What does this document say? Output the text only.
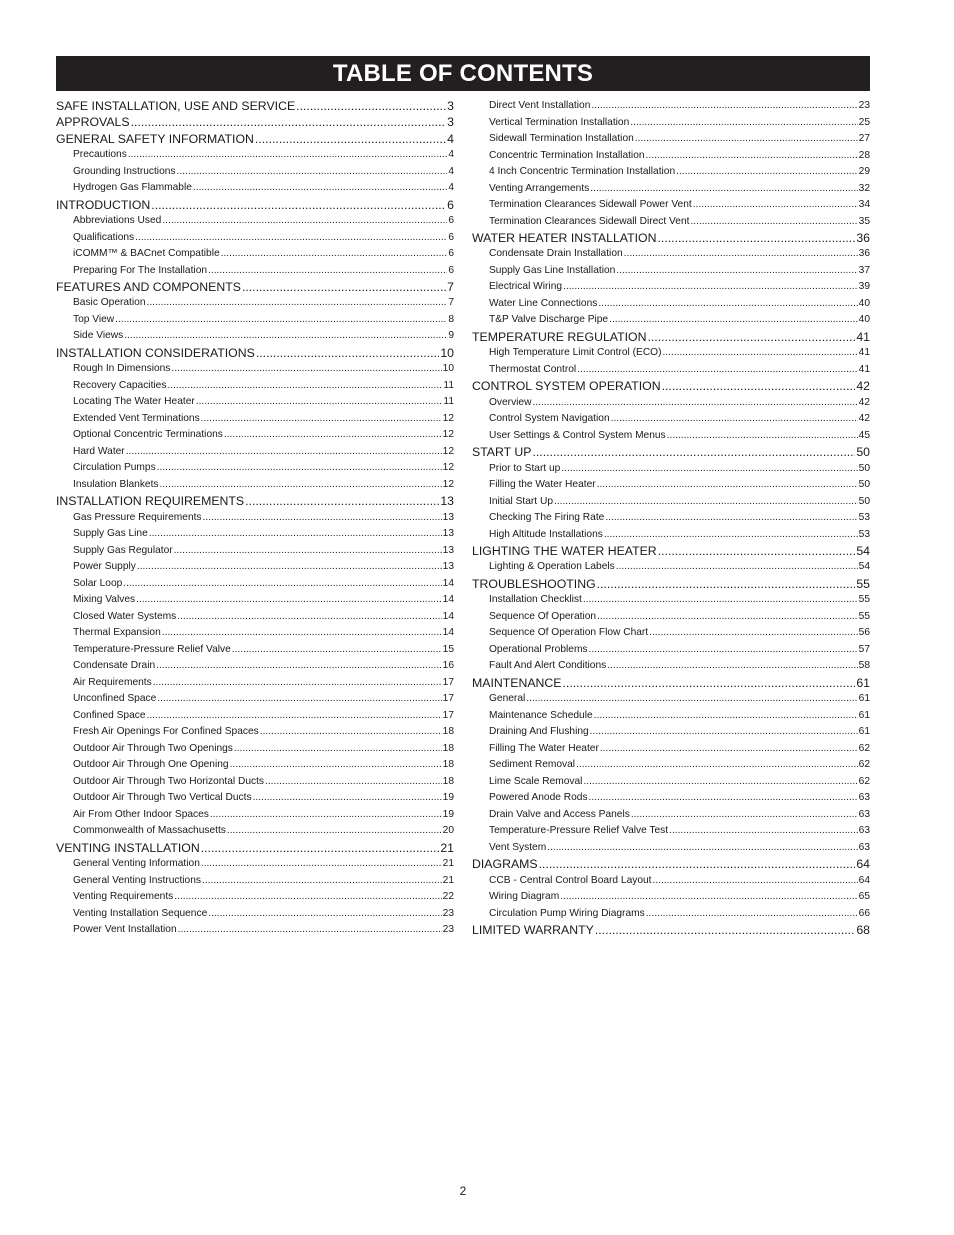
TABLE OF CONTENTS
SAFE INSTALLATION, USE AND SERVICE .....	3
APPROVALS .....	3
GENERAL SAFETY INFORMATION .....	4
Precautions .....	4
Grounding Instructions .....	4
Hydrogen Gas Flammable .....	4
INTRODUCTION .....	6
Abbreviations Used .....	6
Qualifications .....	6
iCOMM™ & BACnet Compatible .....	6
Preparing For The Installation .....	6
FEATURES AND COMPONENTS .....	7
Basic Operation .....	7
Top View .....	8
Side Views .....	9
INSTALLATION CONSIDERATIONS .....	10
Rough In Dimensions .....	10
Recovery Capacities .....	11
Locating The Water Heater .....	11
Extended Vent Terminations .....	12
Optional Concentric Terminations .....	12
Hard Water .....	12
Circulation Pumps .....	12
Insulation Blankets .....	12
INSTALLATION REQUIREMENTS .....	13
Gas Pressure Requirements .....	13
Supply Gas Line .....	13
Supply Gas Regulator .....	13
Power Supply .....	13
Solar Loop .....	14
Mixing Valves .....	14
Closed Water Systems .....	14
Thermal Expansion .....	14
Temperature-Pressure Relief Valve .....	15
Condensate Drain .....	16
Air Requirements .....	17
Unconfined Space .....	17
Confined Space .....	17
Fresh Air Openings For Confined Spaces .....	18
Outdoor Air Through Two Openings .....	18
Outdoor Air Through One Opening .....	18
Outdoor Air Through Two Horizontal Ducts .....	18
Outdoor Air Through Two Vertical Ducts .....	19
Air From Other Indoor Spaces .....	19
Commonwealth of Massachusetts .....	20
VENTING INSTALLATION .....	21
General Venting Information .....	21
General Venting Instructions .....	21
Venting Requirements .....	22
Venting Installation Sequence .....	23
Power Vent Installation .....	23
Direct Vent Installation .....	23
Vertical Termination Installation .....	25
Sidewall Termination Installation .....	27
Concentric Termination Installation .....	28
4 Inch Concentric Termination Installation .....	29
Venting Arrangements .....	32
Termination Clearances Sidewall Power Vent .....	34
Termination Clearances Sidewall Direct Vent .....	35
WATER HEATER INSTALLATION .....	36
Condensate Drain Installation .....	36
Supply Gas Line Installation .....	37
Electrical Wiring .....	39
Water Line Connections .....	40
T&P Valve Discharge Pipe .....	40
TEMPERATURE REGULATION .....	41
High Temperature Limit Control (ECO) .....	41
Thermostat Control .....	41
CONTROL SYSTEM OPERATION .....	42
Overview .....	42
Control System Navigation .....	42
User Settings & Control System Menus .....	45
START UP .....	50
Prior to Start up .....	50
Filling the Water Heater .....	50
Initial Start Up .....	50
Checking The Firing Rate .....	53
High Altitude Installations .....	53
LIGHTING THE WATER HEATER .....	54
Lighting & Operation Labels .....	54
TROUBLESHOOTING .....	55
Installation Checklist .....	55
Sequence Of Operation .....	55
Sequence Of Operation Flow Chart .....	56
Operational Problems .....	57
Fault And Alert Conditions .....	58
MAINTENANCE .....	61
General .....	61
Maintenance Schedule .....	61
Draining And Flushing .....	61
Filling The Water Heater .....	62
Sediment Removal .....	62
Lime Scale Removal .....	62
Powered Anode Rods .....	63
Drain Valve and Access Panels .....	63
Temperature-Pressure Relief Valve Test .....	63
Vent System .....	63
DIAGRAMS .....	64
CCB - Central Control Board Layout .....	64
Wiring Diagram .....	65
Circulation Pump Wiring Diagrams .....	66
LIMITED WARRANTY .....	68
2
